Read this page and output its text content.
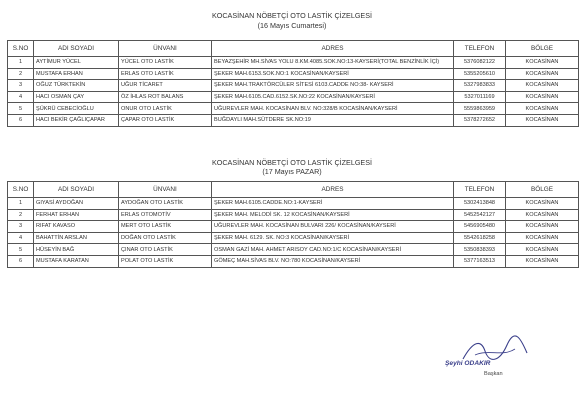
KOCASİNAN NÖBETÇİ OTO LASTİK ÇİZELGESİ
(16 Mayıs Cumartesi)
S.NO	ADI SOYADI	ÜNVANI	ADRES	TELEFON	BÖLGE
1	AYTİMUR YÜCEL	YÜCEL OTO LASTİK	BEYAZŞEHİR MH.SİVAS YOLU 8.KM.4085.SOK.NO:13-KAYSERİ(TOTAL BENZİNLİK İÇİ)	5376082122	KOCASİNAN
2	MUSTAFA ERHAN	ERLAS OTO LASTİK	ŞEKER MAH.6153.SOK.NO:1 KOCASİNAN/KAYSERİ	5355205610	KOCASİNAN
3	OĞUZ TÜRKTEKİN	UĞUR TİCARET	ŞEKER MAH.TRAKTÖRCÜLER SİTESİ 6103.CADDE NO:38- KAYSERİ	5327983833	KOCASİNAN
4	HACI OSMAN ÇAY	ÖZ İHLAS ROT BALANS	ŞEKER MAH.6105.CAD.6152.SK.NO:22 KOCASİNAN/KAYSERİ	5327011169	KOCASİNAN
5	ŞÜKRÜ CEBECİOĞLU	ONUR OTO LASTİK	UĞUREVLER MAH. KOCASİNAN BLV. NO:328/B KOCASİNAN/KAYSERİ	5559863959	KOCASİNAN
6	HACI BEKİR ÇAĞLIÇAPAR	ÇAPAR OTO LASTİK	BUĞDAYLI MAH.SÜTDERE SK.NO:19	5378272652	KOCASİNAN
KOCASİNAN NÖBETÇİ OTO LASTİK ÇİZELGESİ
(17 Mayıs PAZAR)
S.NO	ADI SOYADI	ÜNVANI	ADRES	TELEFON	BÖLGE
1	GIYASİ AYDOĞAN	AYDOĞAN OTO LASTİK	ŞEKER MAH.6105.CADDE.NO:1-KAYSERİ	5302413848	KOCASİNAN
2	FERHAT ERHAN	ERLAS OTOMOTİV	ŞEKER MAH. MELODİ SK. 12 KOCASİNAN/KAYSERİ	5452542127	KOCASİNAN
3	RIFAT KAVASO	MERT OTO LASTİK	UĞUREVLER MAH. KOCASİNAN BULVARI 226/ KOCASİNAN/KAYSERİ	5456905480	KOCASİNAN
4	BAHATTİN ARSLAN	DOĞAN OTO LASTİK	ŞEKER MAH. 6129. SK. NO:3 KOCASİNAN/KAYSERİ	5542618258	KOCASİNAN
5	HÜSEYİN BAĞ	ÇINAR OTO LASTİK	OSMAN GAZİ MAH. AHMET ARISOY CAD.NO:1/C KOCASİNAN/KAYSERİ	5350838393	KOCASİNAN
6	MUSTAFA KARATAN	POLAT OTO LASTİK	GÖMEÇ MAH.SİVAS BLV. NO:780 KOCASİNAN/KAYSERİ	5377163513	KOCASİNAN
Şeyhi ODAKIR
Başkan
